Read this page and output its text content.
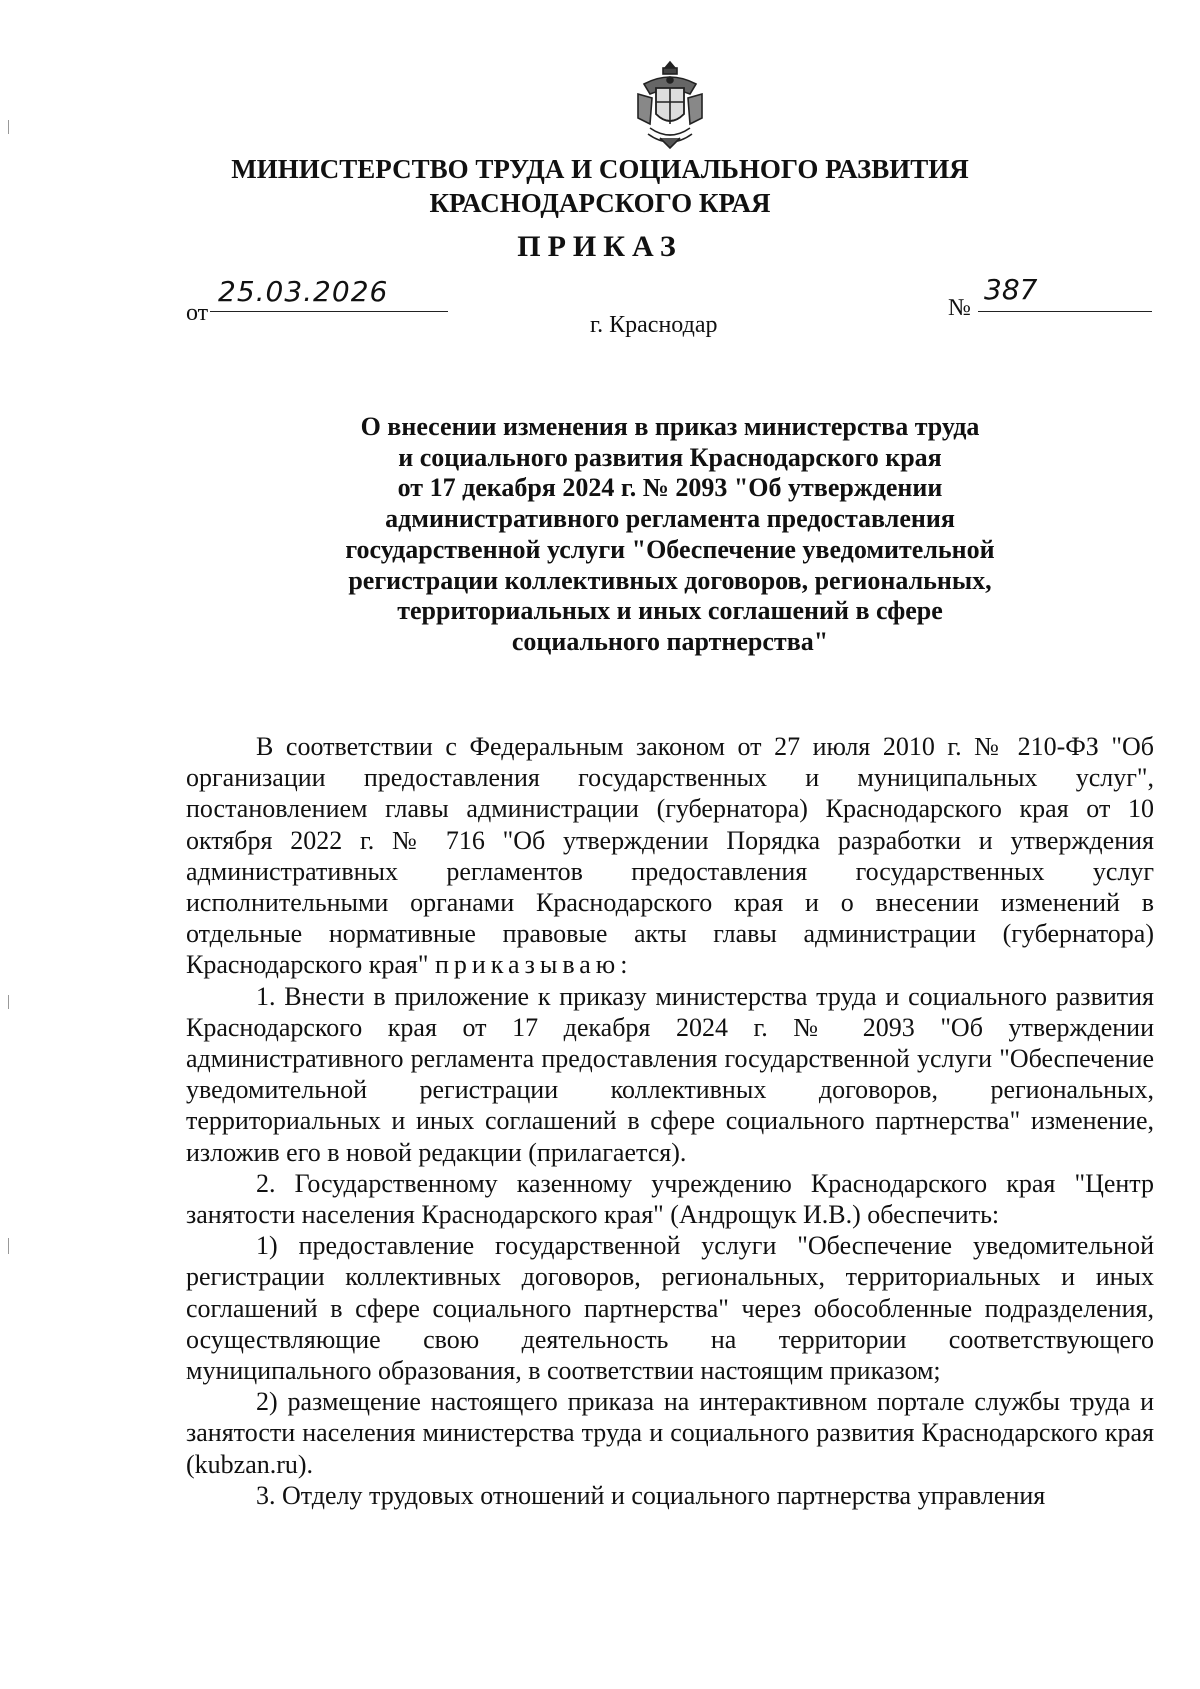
МИНИСТЕРСТВО ТРУДА И СОЦИАЛЬНОГО РАЗВИТИЯ
КРАСНОДАРСКОГО КРАЯ
ПРИКАЗ
от
25.03.2026	№
387
г. Краснодар
О внесении изменения в приказ министерства труда
и социального развития Краснодарского края
от 17 декабря 2024 г. № 2093 "Об утверждении
административного регламента предоставления
государственной услуги "Обеспечение уведомительной
регистрации коллективных договоров, региональных,
территориальных и иных соглашений в сфере
социального партнерства"

В соответствии с Федеральным законом от 27 июля 2010 г. № 210-ФЗ "Об организации предоставления государственных и муниципальных услуг", постановлением главы администрации (губернатора) Краснодарского края от 10 октября 2022 г. № 716 "Об утверждении Порядка разработки и утверждения административных регламентов предоставления государственных услуг исполнительными органами Краснодарского края и о внесении изменений в отдельные нормативные правовые акты главы администрации (губернатора) Краснодарского края" приказываю:

1. Внести в приложение к приказу министерства труда и социального развития Краснодарского края от 17 декабря 2024 г. № 2093 "Об утверждении административного регламента предоставления государственной услуги "Обеспечение уведомительной регистрации коллективных договоров, региональных, территориальных и иных соглашений в сфере социального партнерства" изменение, изложив его в новой редакции (прилагается).

2. Государственному казенному учреждению Краснодарского края "Центр занятости населения Краснодарского края" (Андрощук И.В.) обеспечить:

1) предоставление государственной услуги "Обеспечение уведомительной регистрации коллективных договоров, региональных, территориальных и иных соглашений в сфере социального партнерства" через обособленные подразделения, осуществляющие свою деятельность на территории соответствующего муниципального образования, в соответствии настоящим приказом;

2) размещение настоящего приказа на интерактивном портале службы труда и занятости населения министерства труда и социального развития Краснодарского края (kubzan.ru).

3. Отделу трудовых отношений и социального партнерства управления
